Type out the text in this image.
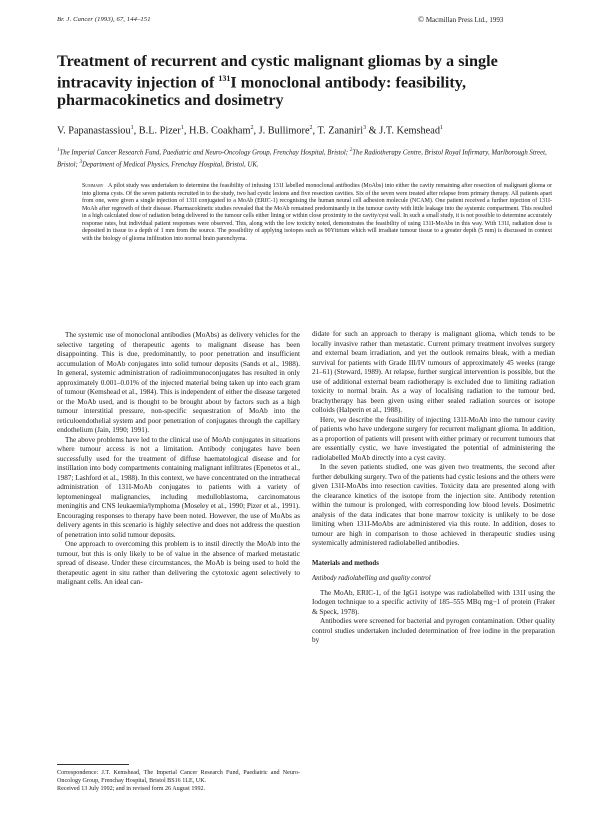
Br. J. Cancer (1993), 67, 144–151	© Macmillan Press Ltd., 1993
Treatment of recurrent and cystic malignant gliomas by a single
intracavity injection of $^{131}$I monoclonal antibody: feasibility,
pharmacokinetics and dosimetry
V. Papanastassiou$^1$, B.L. Pizer$^1$, H.B. Coakham$^2$, J. Bullimore$^2$, T. Zananiri$^3$ & J.T. Kemshead$^1$
$^1$The Imperial Cancer Research Fund, Paediatric and Neuro-Oncology Group, Frenchay Hospital, Bristol; $^2$The Radiotherapy Centre, Bristol Royal Infirmary, Marlborough Street, Bristol; $^3$Department of Medical Physics, Frenchay Hospital, Bristol, UK.
Summary A pilot study was undertaken to determine the feasibility of infusing 131I labelled monoclonal antibodies (MoAbs) into either the cavity remaining after resection of malignant glioma or into glioma cysts. Of the seven patients recruited in to the study, two had cystic lesions and five resection cavities. Six of the seven were treated after relapse from primary therapy. All patients apart from one, were given a single injection of 131I conjugated to a MoAb (ERIC-1) recognising the human neural cell adhesion molecule (NCAM). One patient received a further injection of 131I-MoAb after regrowth of their disease. Pharmacokinetic studies revealed that the MoAb remained predominantly in the tumour cavity with little leakage into the systemic compartment. This resulted in a high calculated dose of radiation being delivered to the tumour cells either lining or within close proximity to the cavity/cyst wall. In such a small study, it is not possible to determine accurately response rates, but individual patient responses were observed. This, along with the low toxicity noted, demonstrates the feasibility of using 131I-MoAbs in this way. With 131I, radiation dose is deposited in tissue to a depth of 1 mm from the source. The possibility of applying isotopes such as 90Yttrium which will irradiate tumour tissue to a greater depth (5 mm) is discussed in context with the biology of glioma infiltration into normal brain parenchyma.

The systemic use of monoclonal antibodies (MoAbs) as delivery vehicles for the selective targeting of therapeutic agents to malignant disease has been disappointing. This is due, predominantly, to poor penetration and insufficient accumulation of MoAb conjugates into solid tumour deposits (Sands et al., 1988). In general, systemic administration of radioimmunoconjugates has resulted in only approximately 0.001–0.01% of the injected material being taken up into each gram of tumour (Kemshead et al., 1984). This is independent of either the disease targeted or the MoAb used, and is thought to be brought about by factors such as a high tumour interstitial pressure, non-specific sequestration of MoAb into the reticuloendothelial system and poor penetration of conjugates through the capillary endothelium (Jain, 1990; 1991).

The above problems have led to the clinical use of MoAb conjugates in situations where tumour access is not a limitation. Antibody conjugates have been successfully used for the treatment of diffuse haematological disease and for instillation into body compartments containing malignant infiltrates (Epenetos et al., 1987; Lashford et al., 1988). In this context, we have concentrated on the intrathecal administration of 131I-MoAb conjugates to patients with a variety of leptomeningeal malignancies, including medulloblastoma, carcinomatous meningitis and CNS leukaemia/lymphoma (Moseley et al., 1990; Pizer et al., 1991). Encouraging responses to therapy have been noted. However, the use of MoAbs as delivery agents in this scenario is highly selective and does not address the question of penetration into solid tumour deposits.

One approach to overcoming this problem is to instil directly the MoAb into the tumour, but this is only likely to be of value in the absence of marked metastatic spread of disease. Under these circumstances, the MoAb is being used to hold the therapeutic agent in situ rather than delivering the cytotoxic agent selectively to malignant cells. An ideal can-

didate for such an approach to therapy is malignant glioma, which tends to be locally invasive rather than metastatic. Current primary treatment involves surgery and external beam irradiation, and yet the outlook remains bleak, with a median survival for patients with Grade III/IV tumours of approximately 45 weeks (range 21–61) (Steward, 1989). At relapse, further surgical intervention is possible, but the use of additional external beam radiotherapy is excluded due to limiting radiation toxicity to normal brain. As a way of localising radiation to the tumour bed, brachytherapy has been given using either sealed radiation sources or isotope colloids (Halperin et al., 1988).

Here, we describe the feasibility of injecting 131I-MoAb into the tumour cavity of patients who have undergone surgery for recurrent malignant glioma. In addition, as a proportion of patients will present with either primary or recurrent tumours that are essentially cystic, we have investigated the potential of administering the radiolabelled MoAb directly into a cyst cavity.

In the seven patients studied, one was given two treatments, the second after further debulking surgery. Two of the patients had cystic lesions and the others were given 131I-MoAbs into resection cavities. Toxicity data are presented along with the clearance kinetics of the isotope from the injection site. Antibody retention within the tumour is prolonged, with corresponding low blood levels. Dosimetric analysis of the data indicates that bone marrow toxicity is unlikely to be dose limiting when 131I-MoAbs are administered via this route. In addition, doses to tumour are high in comparison to those achieved in therapeutic studies using systemically administered radiolabelled antibodies.

Materials and methods

Antibody radiolabelling and quality control

The MoAb, ERIC-1, of the IgG1 isotype was radiolabelled with 131I using the Iodogen technique to a specific activity of 185–555 MBq mg−1 of protein (Fraker & Speck, 1978).

Antibodies were screened for bacterial and pyrogen contamination. Other quality control studies undertaken included determination of free iodine in the preparation by

Correspondence: J.T. Kemshead, The Imperial Cancer Research Fund, Paediatric and Neuro-Oncology Group, Frenchay Hospital, Bristol BS16 1LE, UK.
Received 13 July 1992; and in revised form 26 August 1992.
